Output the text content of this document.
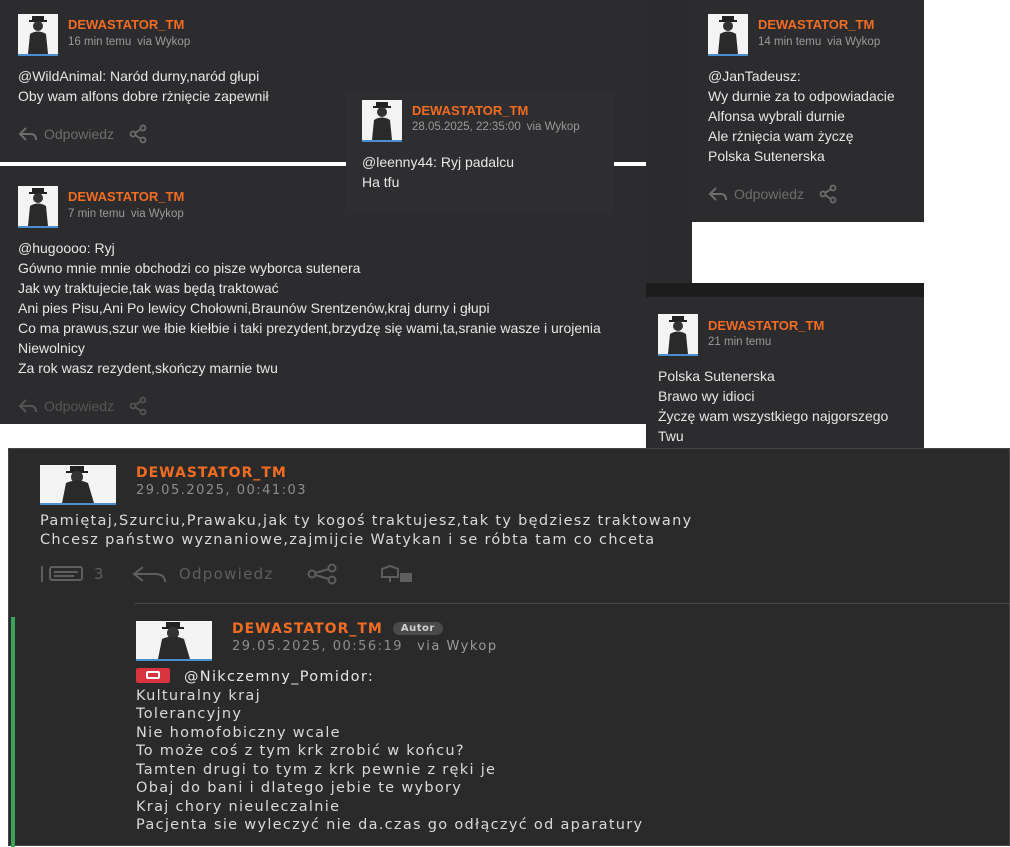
DEWASTATOR_TM
16 min temu via Wykop
@WildAnimal: Naród durny,naród głupi
Oby wam alfons dobre rżnięcie zapewnił
Odpowiedz
DEWASTATOR_TM
7 min temu via Wykop
@hugoooo: Ryj
Gówno mnie mnie obchodzi co pisze wyborca sutenera
Jak wy traktujecie,tak was będą traktować
Ani pies Pisu,Ani Po lewicy Chołowni,Braunów Srentzenów,kraj durny i głupi
Co ma prawus,szur we łbie kiełbie i taki prezydent,brzydzę się wami,ta,sranie wasze i urojenia
Niewolnicy
Za rok wasz rezydent,skończy marnie twu
Odpowiedz
DEWASTATOR_TM
28.05.2025, 22:35:00 via Wykop
@leenny44: Ryj padalcu
Ha tfu
DEWASTATOR_TM
14 min temu via Wykop
@JanTadeusz:
Wy durnie za to odpowiadacie
Alfonsa wybrali durnie
Ale rżnięcia wam życzę
Polska Sutenerska
Odpowiedz
DEWASTATOR_TM
21 min temu
Polska Sutenerska
Brawo wy idioci
Życzę wam wszystkiego najgorszego
Twu
DEWASTATOR_TM
29.05.2025, 00:41:03
Pamiętaj,Szurciu,Prawaku,jak ty kogoś traktujesz,tak ty będziesz traktowany
Chcesz państwo wyznaniowe,zajmijcie Watykan i se róbta tam co chceta
3	Odpowiedz
DEWASTATOR_TM Autor
29.05.2025, 00:56:19 via Wykop
@Nikczemny_Pomidor:
Kulturalny kraj
Tolerancyjny
Nie homofobiczny wcale
To może coś z tym krk zrobić w końcu?
Tamten drugi to tym z krk pewnie z ręki je
Obaj do bani i dlatego jebie te wybory
Kraj chory nieuleczalnie
Pacjenta sie wyleczyć nie da.czas go odłączyć od aparatury
